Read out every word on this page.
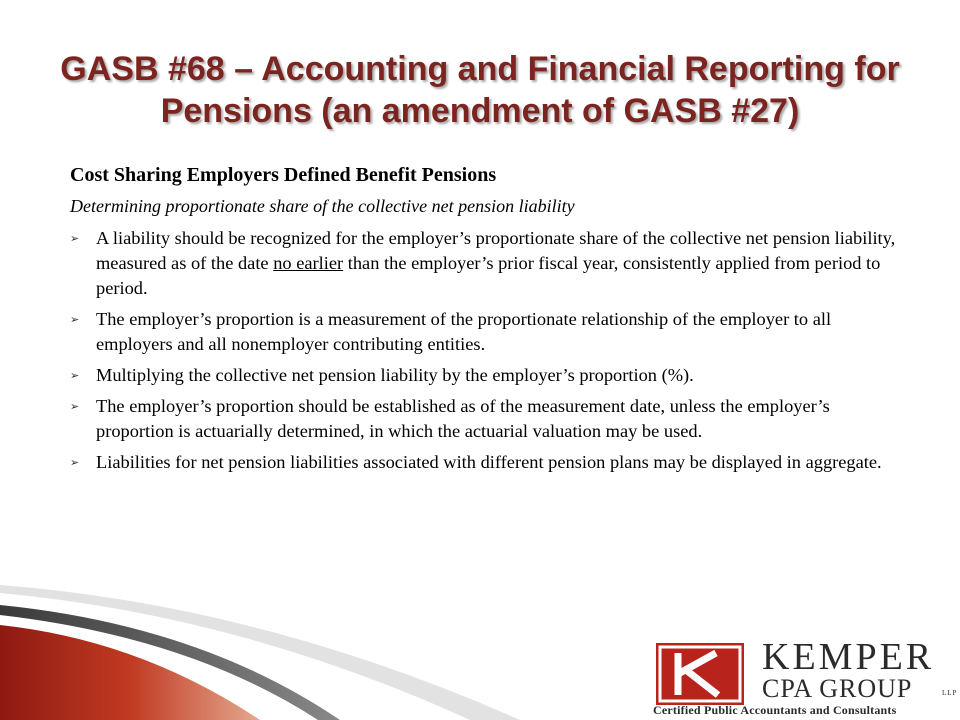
GASB #68 – Accounting and Financial Reporting for
Pensions (an amendment of GASB #27)

Cost Sharing Employers Defined Benefit Pensions

Determining proportionate share of the collective net pension liability

➢ A liability should be recognized for the employer’s proportionate share of the collective net pension liability, measured as of the date no earlier than the employer’s prior fiscal year, consistently applied from period to period.
➢ The employer’s proportion is a measurement of the proportionate relationship of the employer to all employers and all nonemployer contributing entities.
➢ Multiplying the collective net pension liability by the employer’s proportion (%).
➢ The employer’s proportion should be established as of the measurement date, unless the employer’s proportion is actuarially determined, in which the actuarial valuation may be used.
➢ Liabilities for net pension liabilities associated with different pension plans may be displayed in aggregate.
KEMPER
CPA GROUP	LLP
Certified Public Accountants and Consultants
